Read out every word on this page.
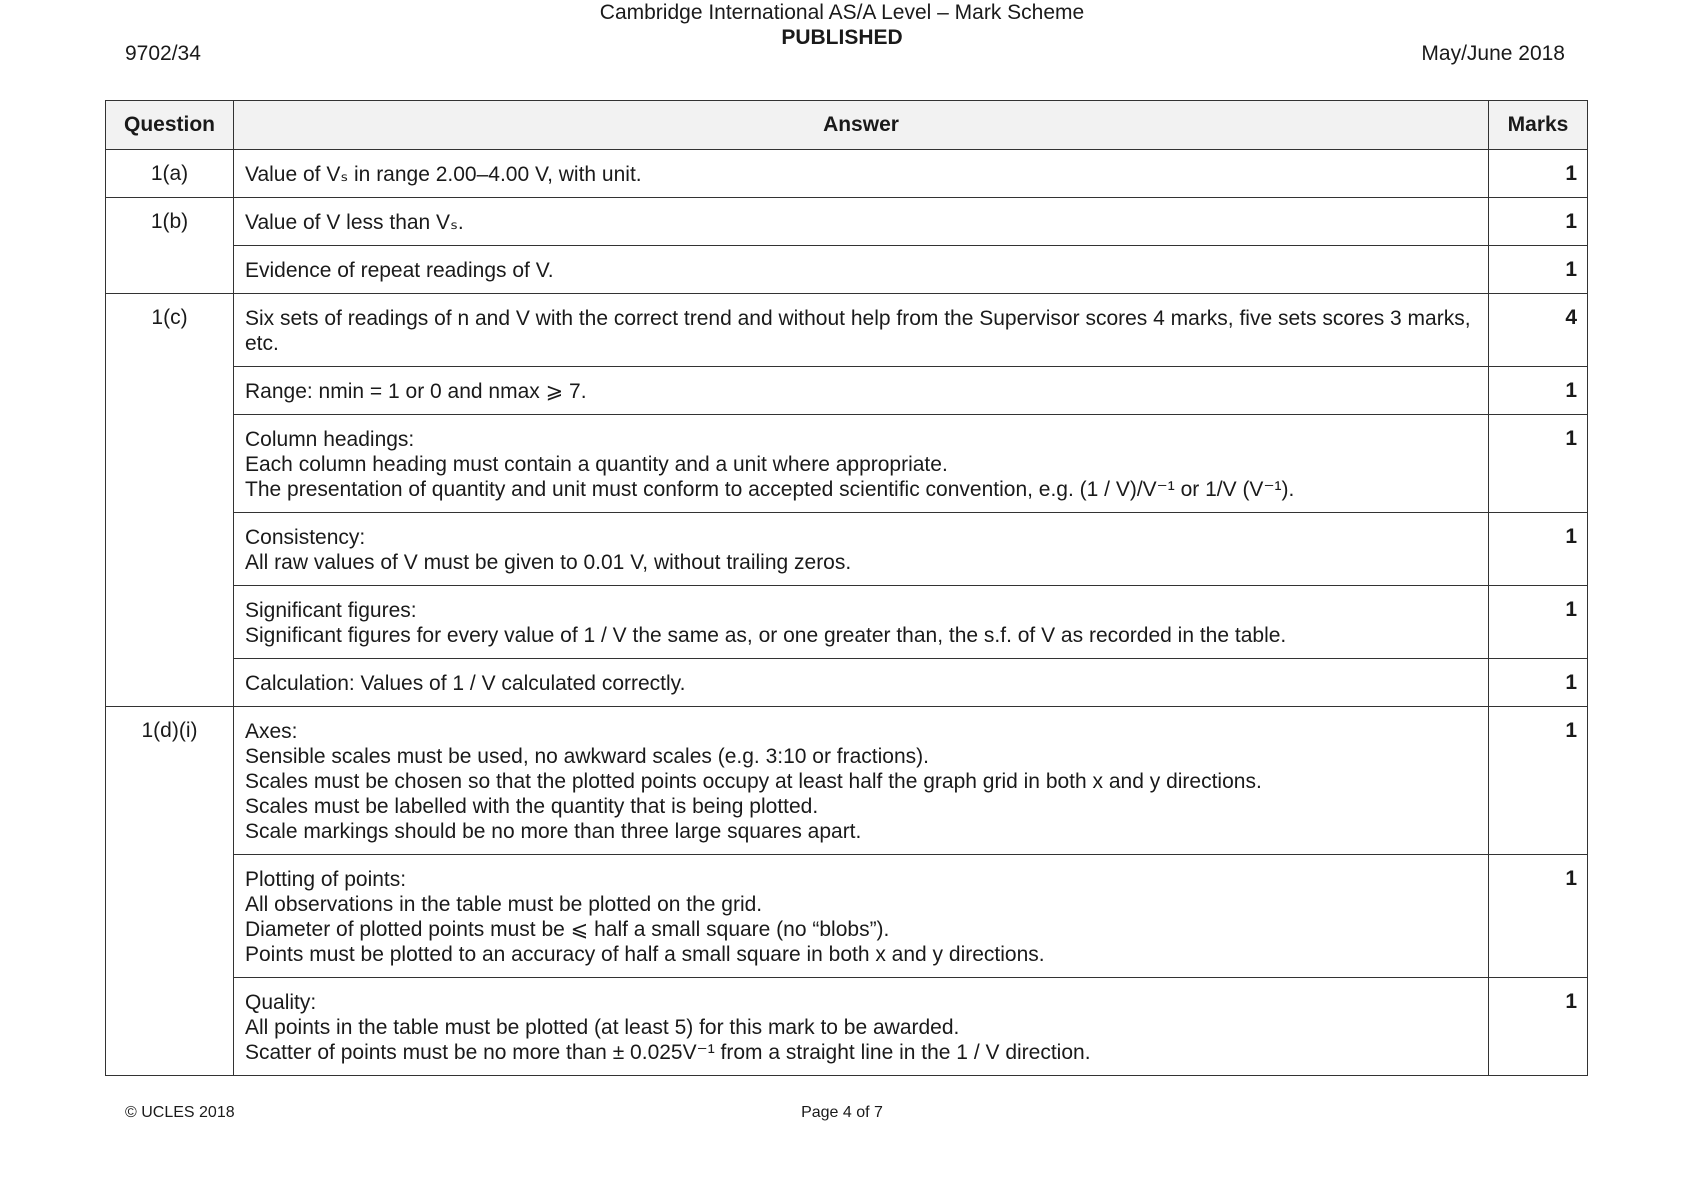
9702/34
Cambridge International AS/A Level – Mark Scheme
PUBLISHED
May/June 2018
Question	Answer	Marks
1(a)	Value of Vₛ in range 2.00–4.00 V, with unit.	1
1(b)	Value of V less than Vₛ.	1

	Evidence of repeat readings of V.	1
1(c)	Six sets of readings of n and V with the correct trend and without help from the Supervisor scores 4 marks, five sets scores 3 marks, etc.	4

	Range: nmin = 1 or 0 and nmax ⩾ 7.	1

	Column headings:
Each column heading must contain a quantity and a unit where appropriate.
The presentation of quantity and unit must conform to accepted scientific convention, e.g. (1 / V)/V⁻¹ or 1/V (V⁻¹).	1

	Consistency:
All raw values of V must be given to 0.01 V, without trailing zeros.	1

	Significant figures:
Significant figures for every value of 1 / V the same as, or one greater than, the s.f. of V as recorded in the table.	1

	Calculation: Values of 1 / V calculated correctly.	1
1(d)(i)	Axes:
Sensible scales must be used, no awkward scales (e.g. 3:10 or fractions).
Scales must be chosen so that the plotted points occupy at least half the graph grid in both x and y directions.
Scales must be labelled with the quantity that is being plotted.
Scale markings should be no more than three large squares apart.	1

	Plotting of points:
All observations in the table must be plotted on the grid.
Diameter of plotted points must be ⩽ half a small square (no “blobs”).
Points must be plotted to an accuracy of half a small square in both x and y directions.	1

	Quality:
All points in the table must be plotted (at least 5) for this mark to be awarded.
Scatter of points must be no more than ± 0.025V⁻¹ from a straight line in the 1 / V direction.	1
© UCLES 2018	Page 4 of 7
